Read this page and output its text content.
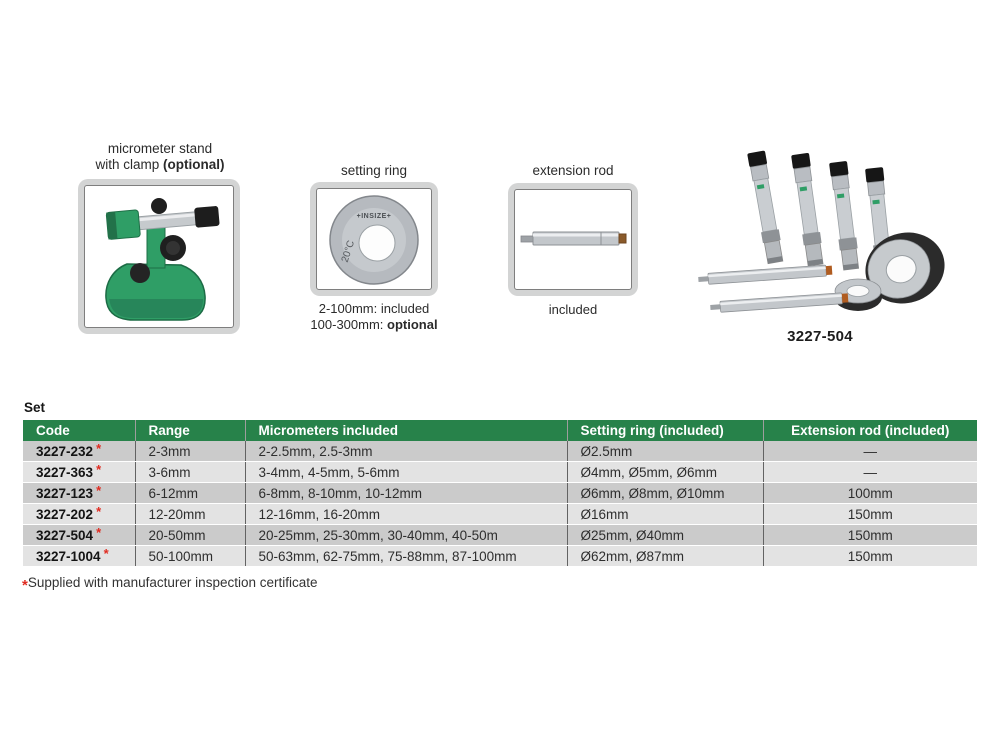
micrometer stand
with clamp (optional)	setting ring
+INSIZE+
20°C
2-100mm: included
100-300mm: optional
extension rod
included
3227-504
Set
Code	Range	Micrometers included	Setting ring (included)	Extension rod (included)
3227-232 *	2-3mm	2-2.5mm, 2.5-3mm	Ø2.5mm	—
3227-363 *	3-6mm	3-4mm, 4-5mm, 5-6mm	Ø4mm, Ø5mm, Ø6mm	—
3227-123 *	6-12mm	6-8mm, 8-10mm, 10-12mm	Ø6mm, Ø8mm, Ø10mm	100mm
3227-202 *	12-20mm	12-16mm, 16-20mm	Ø16mm	150mm
3227-504 *	20-50mm	20-25mm, 25-30mm, 30-40mm, 40-50m	Ø25mm, Ø40mm	150mm
3227-1004 *	50-100mm	50-63mm, 62-75mm, 75-88mm, 87-100mm	Ø62mm, Ø87mm	150mm
*Supplied with manufacturer inspection certificate
